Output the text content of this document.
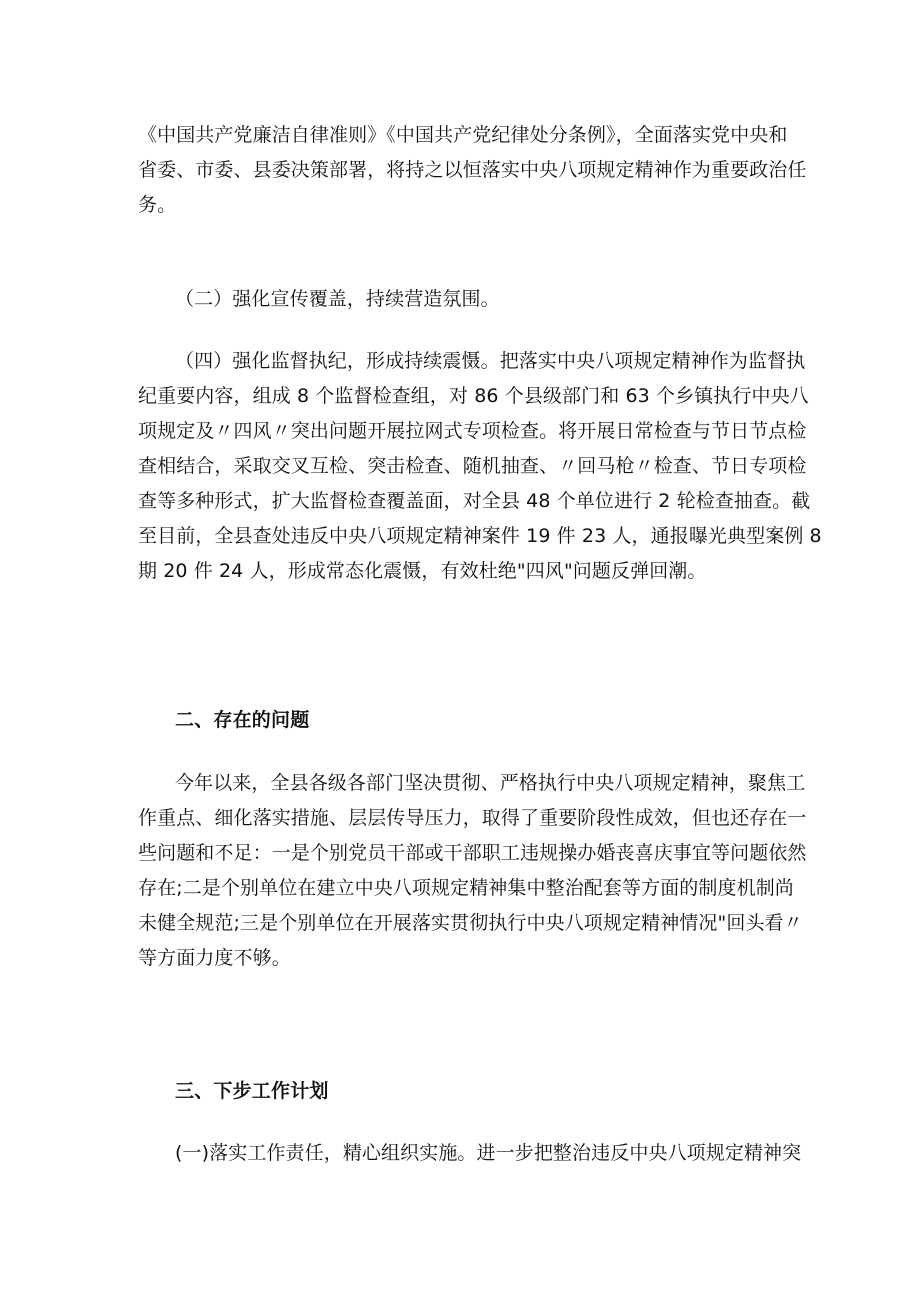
《中国共产党廉洁自律准则》《中国共产党纪律处分条例》，全面落实党中央和
省委、市委、县委决策部署，将持之以恒落实中央八项规定精神作为重要政治任
务。
（二）强化宣传覆盖，持续营造氛围。
（四）强化监督执纪，形成持续震慑。把落实中央八项规定精神作为监督执
纪重要内容，组成 8 个监督检查组，对 86 个县级部门和 63 个乡镇执行中央八
项规定及〃四风〃突出问题开展拉网式专项检查。将开展日常检查与节日节点检
查相结合，采取交叉互检、突击检查、随机抽查、〃回马枪〃检查、节日专项检
查等多种形式，扩大监督检查覆盖面，对全县 48 个单位进行 2 轮检查抽查。截
至目前，全县查处违反中央八项规定精神案件 19 件 23 人，通报曝光典型案例 8
期 20 件 24 人，形成常态化震慑，有效杜绝"四风"问题反弹回潮。
二、存在的问题
今年以来，全县各级各部门坚决贯彻、严格执行中央八项规定精神，聚焦工
作重点、细化落实措施、层层传导压力，取得了重要阶段性成效，但也还存在一
些问题和不足：一是个别党员干部或干部职工违规操办婚丧喜庆事宜等问题依然
存在;二是个别单位在建立中央八项规定精神集中整治配套等方面的制度机制尚
未健全规范;三是个别单位在开展落实贯彻执行中央八项规定精神情况"回头看〃
等方面力度不够。
三、下步工作计划
(一)落实工作责任，精心组织实施。进一步把整治违反中央八项规定精神突
